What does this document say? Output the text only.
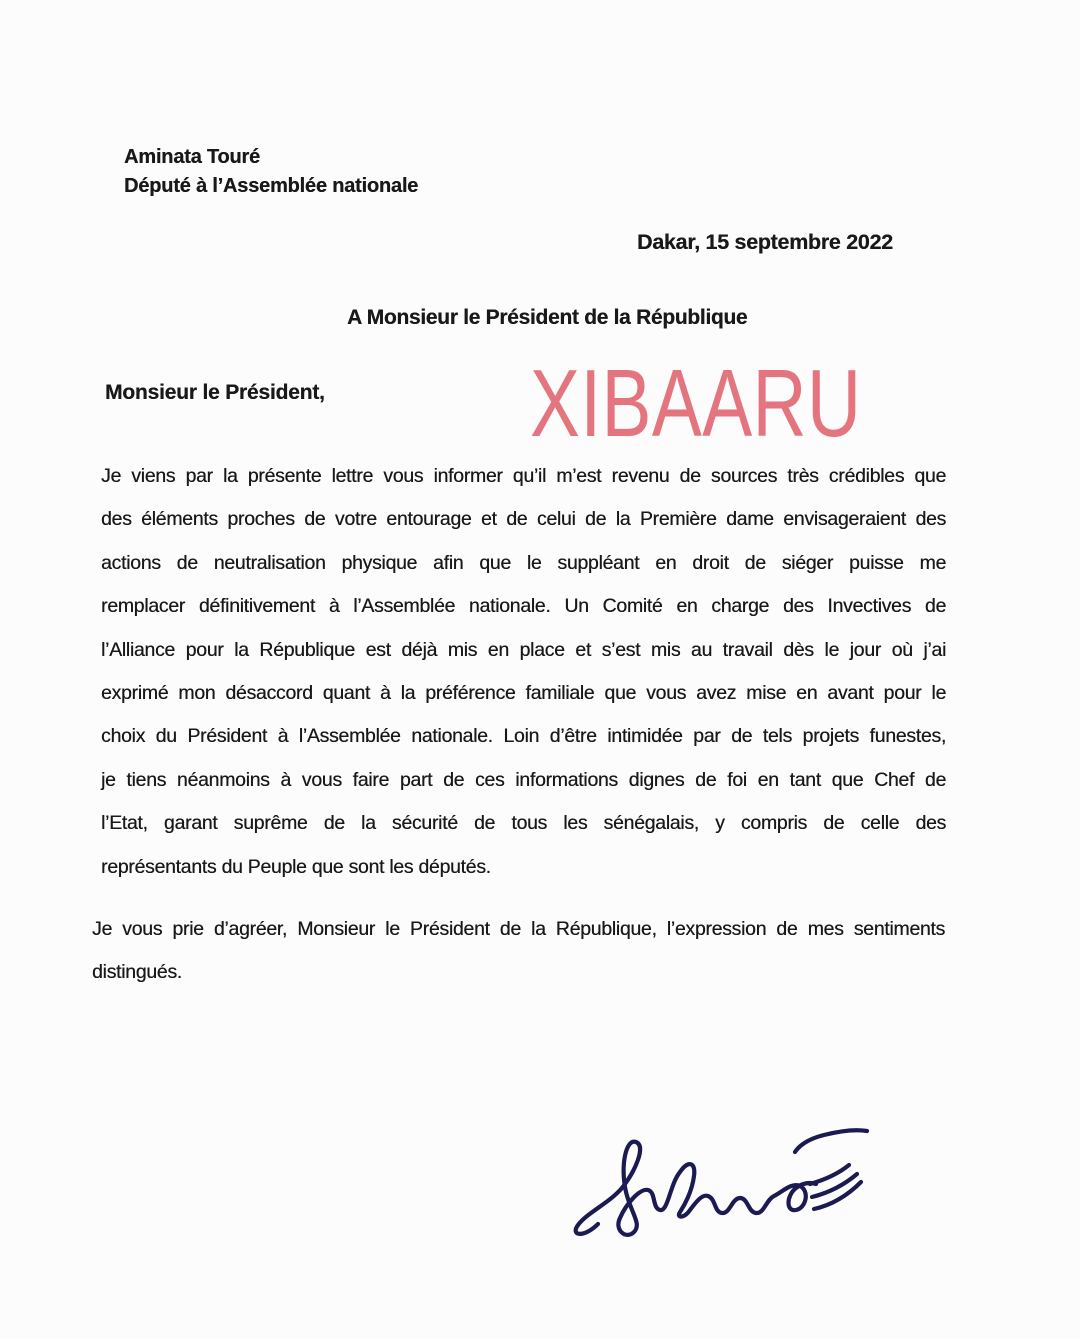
Aminata Touré
Député à l’Assemblée nationale
Dakar, 15 septembre 2022
A Monsieur le Président de la République
XIBAARU
Monsieur le Président,
Je viens par la présente lettre vous informer qu’il m’est revenu de sources très crédibles que
des éléments proches de votre entourage et de celui de la Première dame envisageraient des
actions de neutralisation physique afin que le suppléant en droit de siéger puisse me
remplacer définitivement à l’Assemblée nationale. Un Comité en charge des Invectives de
l’Alliance pour la République est déjà mis en place et s’est mis au travail dès le jour où j’ai
exprimé mon désaccord quant à la préférence familiale que vous avez mise en avant pour le
choix du Président à l’Assemblée nationale. Loin d’être intimidée par de tels projets funestes,
je tiens néanmoins à vous faire part de ces informations dignes de foi en tant que Chef de
l’Etat, garant suprême de la sécurité de tous les sénégalais, y compris de celle des
représentants du Peuple que sont les députés.
Je vous prie d’agréer, Monsieur le Président de la République, l’expression de mes sentiments
distingués.
